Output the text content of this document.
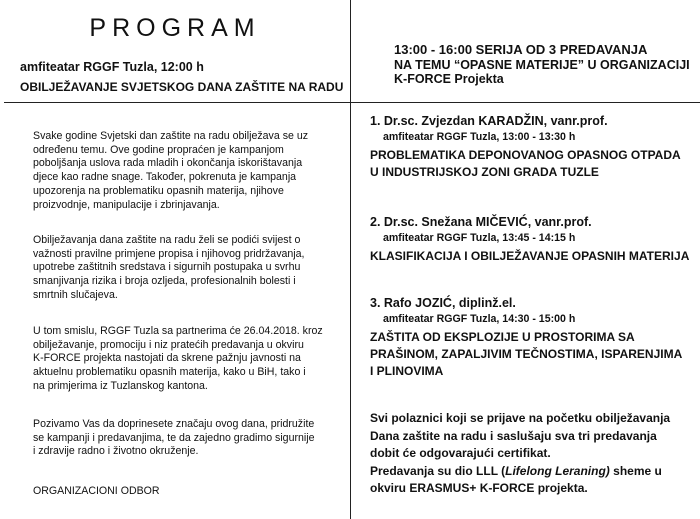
PROGRAM
amfiteatar RGGF Tuzla, 12:00 h
OBILJEŽAVANJE SVJETSKOG DANA ZAŠTITE NA RADU

Svake godine Svjetski dan zaštite na radu obilježava se uz
određenu temu. Ove godine propraćen je kampanjom
poboljšanja uslova rada mladih i okončanja iskorištavanja
djece kao radne snage. Također, pokrenuta je kampanja
upozorenja na problematiku opasnih materija, njihove
proizvodnje, manipulacije i zbrinjavanja.

Obilježavanja dana zaštite na radu želi se podići svijest o
važnosti pravilne primjene propisa i njihovog pridržavanja,
upotrebe zaštitnih sredstava i sigurnih postupaka u svrhu
smanjivanja rizika i broja ozljeda, profesionalnih bolesti i
smrtnih slučajeva.

U tom smislu, RGGF Tuzla sa partnerima će 26.04.2018. kroz
obilježavanje, promociju i niz pratećih predavanja u okviru
K-FORCE projekta nastojati da skrene pažnju javnosti na
aktuelnu problematiku opasnih materija, kako u BiH, tako i
na primjerima iz Tuzlanskog kantona.

Pozivamo Vas da doprinesete značaju ovog dana, pridružite
se kampanji i predavanjima, te da zajedno gradimo sigurnije
i zdravije radno i životno okruženje.

ORGANIZACIONI ODBOR
13:00 - 16:00 SERIJA OD 3 PREDAVANJA
NA TEMU “OPASNE MATERIJE” U ORGANIZACIJI
K-FORCE Projekta
1. Dr.sc. Zvjezdan KARADŽIN, vanr.prof.
amfiteatar RGGF Tuzla, 13:00 - 13:30 h
PROBLEMATIKA DEPONOVANOG OPASNOG OTPADA
U INDUSTRIJSKOJ ZONI GRADA TUZLE
2. Dr.sc. Snežana MIČEVIĆ, vanr.prof.
amfiteatar RGGF Tuzla, 13:45 - 14:15 h
KLASIFIKACIJA I OBILJEŽAVANJE OPASNIH MATERIJA
3. Rafo JOZIĆ, diplinž.el.
amfiteatar RGGF Tuzla, 14:30 - 15:00 h
ZAŠTITA OD EKSPLOZIJE U PROSTORIMA SA
PRAŠINOM, ZAPALJIVIM TEČNOSTIMA, ISPARENJIMA
I PLINOVIMA
Svi polaznici koji se prijave na početku obilježavanja
Dana zaštite na radu i saslušaju sva tri predavanja
dobit će odgovarajući certifikat.
Predavanja su dio LLL (Lifelong Leraning) sheme u
okviru ERASMUS+ K-FORCE projekta.
